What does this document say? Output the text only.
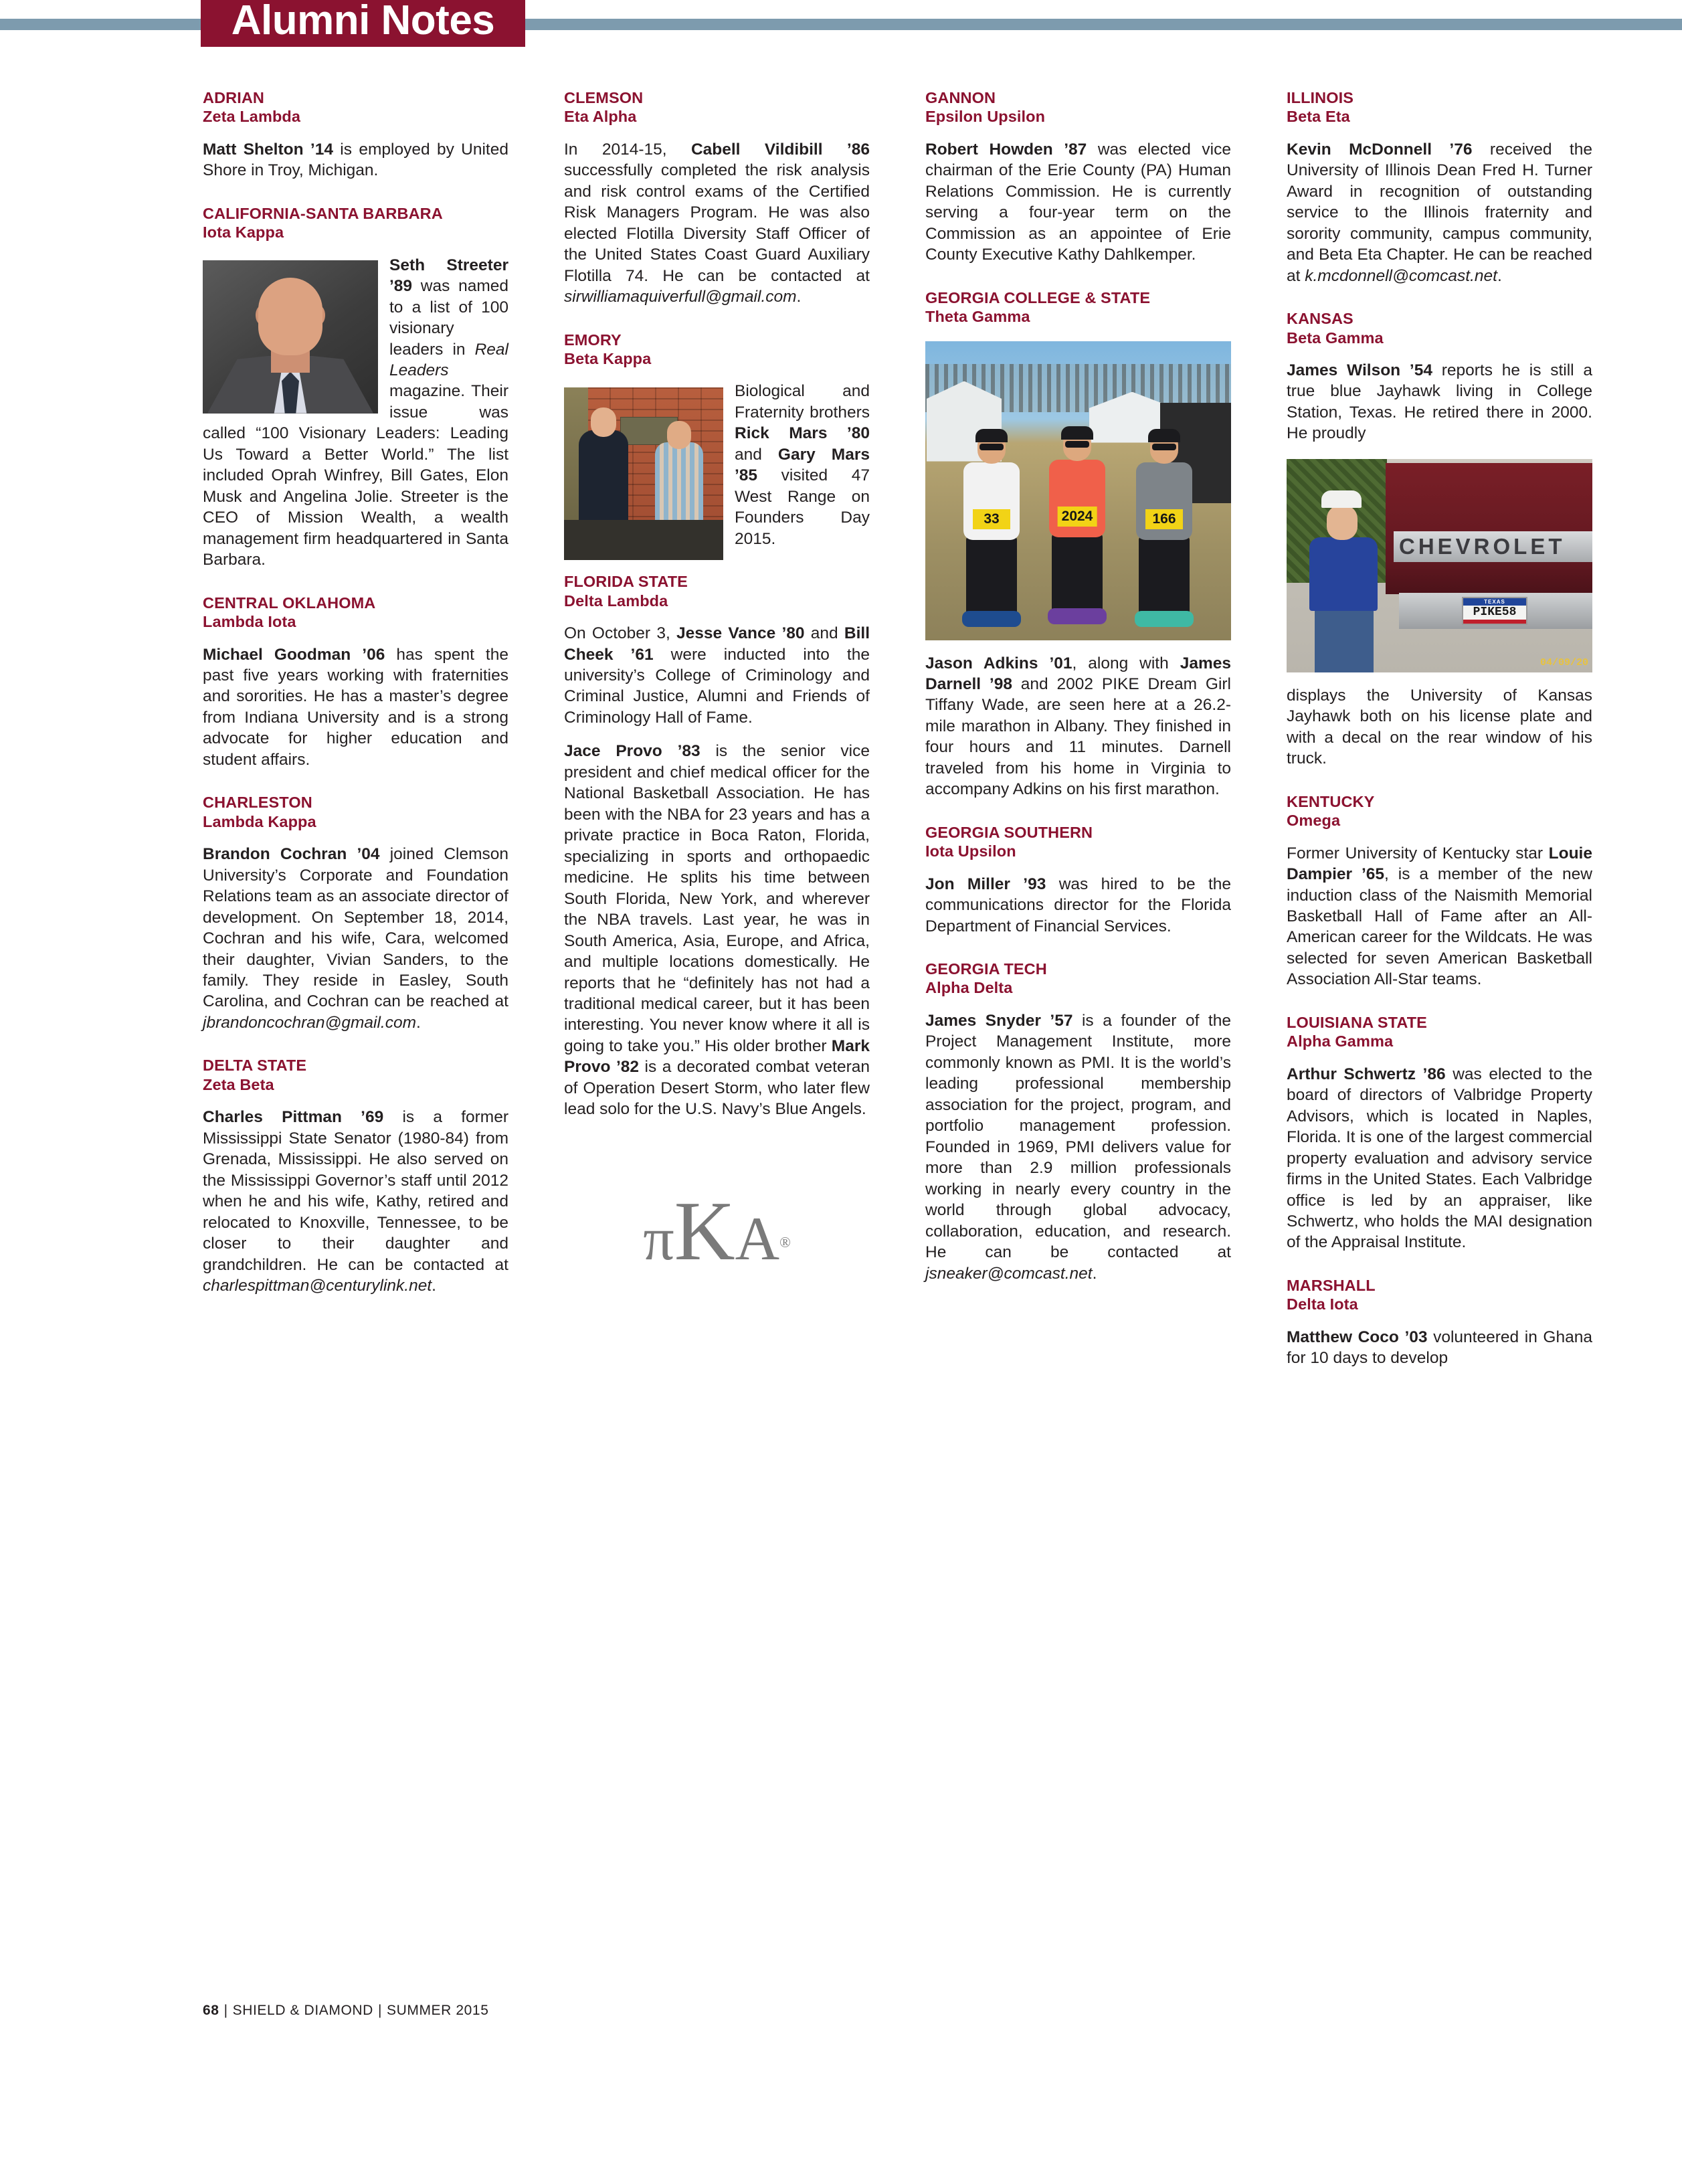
Alumni Notes
ADRIAN
Zeta Lambda

Matt Shelton ’14 is employed by United Shore in Troy, Michigan.

CALIFORNIA-SANTA BARBARA
Iota Kappa

Seth Streeter ’89 was named to a list of 100 visionary leaders in Real Leaders magazine. Their issue was called “100 Visionary Leaders: Leading Us Toward a Better World.” The list included Oprah Winfrey, Bill Gates, Elon Musk and Angelina Jolie. Streeter is the CEO of Mission Wealth, a wealth management firm headquartered in Santa Barbara.

CENTRAL OKLAHOMA
Lambda Iota

Michael Goodman ’06 has spent the past five years working with fraternities and sororities. He has a master’s degree from Indiana University and is a strong advocate for higher education and student affairs.

CHARLESTON
Lambda Kappa

Brandon Cochran ’04 joined Clemson University’s Corporate and Foundation Relations team as an associate director of development. On September 18, 2014, Cochran and his wife, Cara, welcomed their daughter, Vivian Sanders, to the family. They reside in Easley, South Carolina, and Cochran can be reached at jbrandoncochran@gmail.com.

DELTA STATE
Zeta Beta

Charles Pittman ’69 is a former Mississippi State Senator (1980-84) from Grenada, Mississippi. He also served on the Mississippi Governor’s staff until 2012 when he and his wife, Kathy, retired and relocated to Knoxville, Tennessee, to be closer to their daughter and grandchildren. He can be contacted at charlespittman@centurylink.net.

CLEMSON
Eta Alpha

In 2014-15, Cabell Vildibill ’86 successfully completed the risk analysis and risk control exams of the Certified Risk Managers Program. He was also elected Flotilla Diversity Staff Officer of the United States Coast Guard Auxiliary Flotilla 74. He can be contacted at sirwilliamaquiverfull@gmail.com.

EMORY
Beta Kappa

Biological and Fraternity brothers Rick Mars ’80 and Gary Mars ’85 visited 47 West Range on Founders Day 2015.

FLORIDA STATE
Delta Lambda

On October 3, Jesse Vance ’80 and Bill Cheek ’61 were inducted into the university’s College of Criminology and Criminal Justice, Alumni and Friends of Criminology Hall of Fame.

Jace Provo ’83 is the senior vice president and chief medical officer for the National Basketball Association. He has been with the NBA for 23 years and has a private practice in Boca Raton, Florida, specializing in sports and orthopaedic medicine. He splits his time between South Florida, New York, and wherever the NBA travels. Last year, he was in South America, Asia, Europe, and Africa, and multiple locations domestically. He reports that he “definitely has not had a traditional medical career, but it has been interesting. You never know where it all is going to take you.” His older brother Mark Provo ’82 is a decorated combat veteran of Operation Desert Storm, who later flew lead solo for the U.S. Navy’s Blue Angels.

πΚΑ®
GANNON
Epsilon Upsilon

Robert Howden ’87 was elected vice chairman of the Erie County (PA) Human Relations Commission. He is currently serving a four-year term on the Commission as an appointee of Erie County Executive Kathy Dahlkemper.

GEORGIA COLLEGE & STATE
Theta Gamma
33	2024	166

Jason Adkins ’01, along with James Darnell ’98 and 2002 PIKE Dream Girl Tiffany Wade, are seen here at a 26.2-mile marathon in Albany. They finished in four hours and 11 minutes. Darnell traveled from his home in Virginia to accompany Adkins on his first marathon.

GEORGIA SOUTHERN
Iota Upsilon

Jon Miller ’93 was hired to be the communications director for the Florida Department of Financial Services.

GEORGIA TECH
Alpha Delta

James Snyder ’57 is a founder of the Project Management Institute, more commonly known as PMI. It is the world’s leading professional membership association for the project, program, and portfolio management profession. Founded in 1969, PMI delivers value for more than 2.9 million professionals working in nearly every country in the world through global advocacy, collaboration, education, and research. He can be contacted at jsneaker@comcast.net.

ILLINOIS
Beta Eta

Kevin McDonnell ’76 received the University of Illinois Dean Fred H. Turner Award in recognition of outstanding service to the Illinois fraternity and sorority community, campus community, and Beta Eta Chapter. He can be reached at k.mcdonnell@comcast.net.

KANSAS
Beta Gamma

James Wilson ’54 reports he is still a true blue Jayhawk living in College Station, Texas. He retired there in 2000. He proudly

CHEVROLET
TEXAS
PIKE58
04/09/20

displays the University of Kansas Jayhawk both on his license plate and with a decal on the rear window of his truck.

KENTUCKY
Omega

Former University of Kentucky star Louie Dampier ’65, is a member of the new induction class of the Naismith Memorial Basketball Hall of Fame after an All-American career for the Wildcats. He was selected for seven American Basketball Association All-Star teams.

LOUISIANA STATE
Alpha Gamma

Arthur Schwertz ’86 was elected to the board of directors of Valbridge Property Advisors, which is located in Naples, Florida. It is one of the largest commercial property evaluation and advisory service firms in the United States. Each Valbridge office is led by an appraiser, like Schwertz, who holds the MAI designation of the Appraisal Institute.

MARSHALL
Delta Iota

Matthew Coco ’03 volunteered in Ghana for 10 days to develop

68 | SHIELD & DIAMOND | SUMMER 2015
